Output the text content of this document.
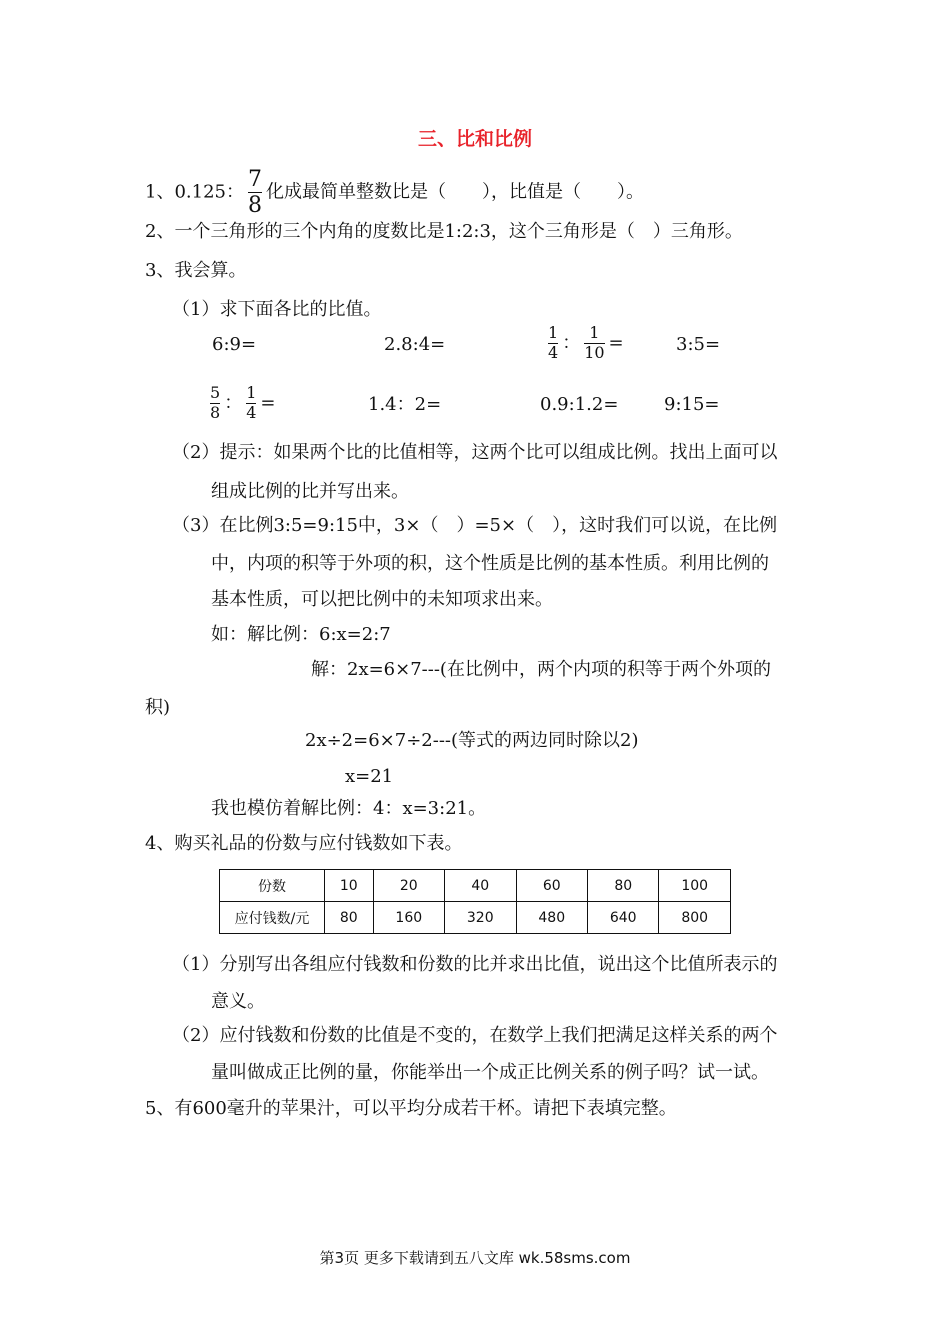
三、比和比例
1、0.125： $\frac{7}{8}$ 化成最简单整数比是（　　），比值是（　　）。
2、一个三角形的三个内角的度数比是1:2:3，这个三角形是（　）三角形。
3、我会算。
（1）求下面各比的比值。
6:9=	2.8:4=	$\frac{1}{4}$ ： $\frac{1}{10}$ =	3:5=
$\frac{5}{8}$ ： $\frac{1}{4}$ =	1.4：2=	0.9:1.2=	9:15=
（2）提示：如果两个比的比值相等，这两个比可以组成比例。找出上面可以
组成比例的比并写出来。
（3）在比例3:5=9:15中，3×（　）=5×（　），这时我们可以说，在比例
中，内项的积等于外项的积，这个性质是比例的基本性质。利用比例的
基本性质，可以把比例中的未知项求出来。
如：解比例：6:x=2:7
解：2x=6×7---(在比例中，两个内项的积等于两个外项的
积)
2x÷2=6×7÷2---(等式的两边同时除以2)
x=21
我也模仿着解比例：4：x=3:21。
4、购买礼品的份数与应付钱数如下表。
份数	10	20	40	60	80	100
应付钱数/元	80	160	320	480	640	800
（1）分别写出各组应付钱数和份数的比并求出比值，说出这个比值所表示的
意义。
（2）应付钱数和份数的比值是不变的，在数学上我们把满足这样关系的两个
量叫做成正比例的量，你能举出一个成正比例关系的例子吗？试一试。
5、有600毫升的苹果汁，可以平均分成若干杯。请把下表填完整。
第3页 更多下载请到五八文库 wk.58sms.com
